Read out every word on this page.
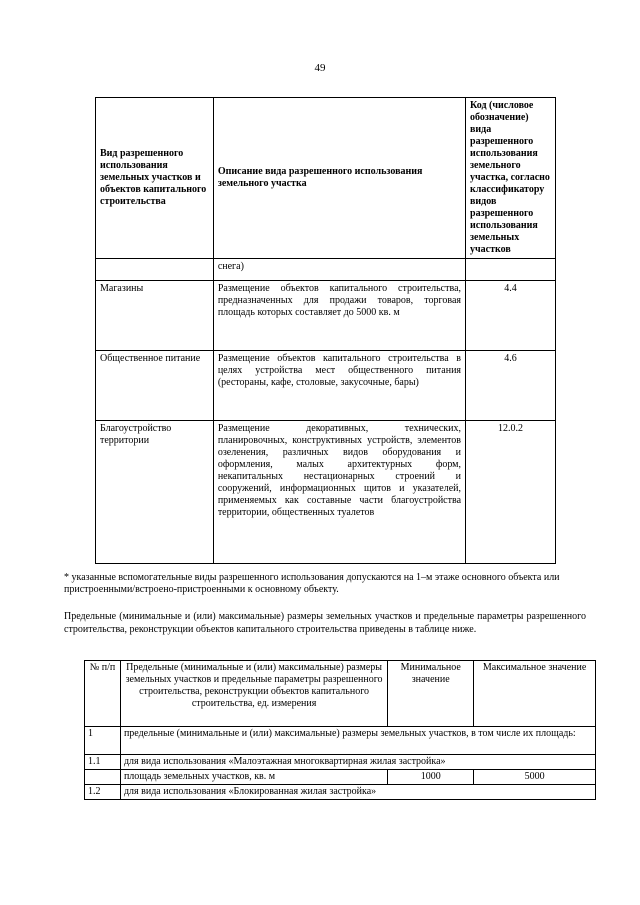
49
Вид разрешенного использования земельных участков и объектов капитального строительства	Описание вида разрешенного использования земельного участка	Код (числовое обозначение) вида разрешенного использования земельного участка, согласно классификатору видов разрешенного использования земельных участков
	снега)	
Магазины	Размещение объектов капитального строительства, предназначенных для продажи товаров, торговая площадь которых составляет до 5000 кв. м	4.4
Общественное питание	Размещение объектов капитального строительства в целях устройства мест общественного питания (рестораны, кафе, столовые, закусочные, бары)	4.6
Благоустройство территории	Размещение декоративных, технических, планировочных, конструктивных устройств, элементов озеленения, различных видов оборудования и оформления, малых архитектурных форм, некапитальных нестационарных строений и сооружений, информационных щитов и указателей, применяемых как составные части благоустройства территории, общественных туалетов	12.0.2
* указанные вспомогательные виды разрешенного использования допускаются на 1–м этаже основного объекта или пристроенными/встроено-пристроенными к основному объекту.
Предельные (минимальные и (или) максимальные) размеры земельных участков и предельные параметры разрешенного строительства, реконструкции объектов капитального строительства приведены в таблице ниже.
№ п/п	Предельные (минимальные и (или) максимальные) размеры земельных участков и предельные параметры разрешенного строительства, реконструкции объектов капитального строительства, ед. измерения	Минимальное значение	Максимальное значение
1	предельные (минимальные и (или) максимальные) размеры земельных участков, в том числе их площадь:		
1.1	для вида использования «Малоэтажная многоквартирная жилая застройка»		
	площадь земельных участков, кв. м	1000	5000
1.2	для вида использования «Блокированная жилая застройка»		
